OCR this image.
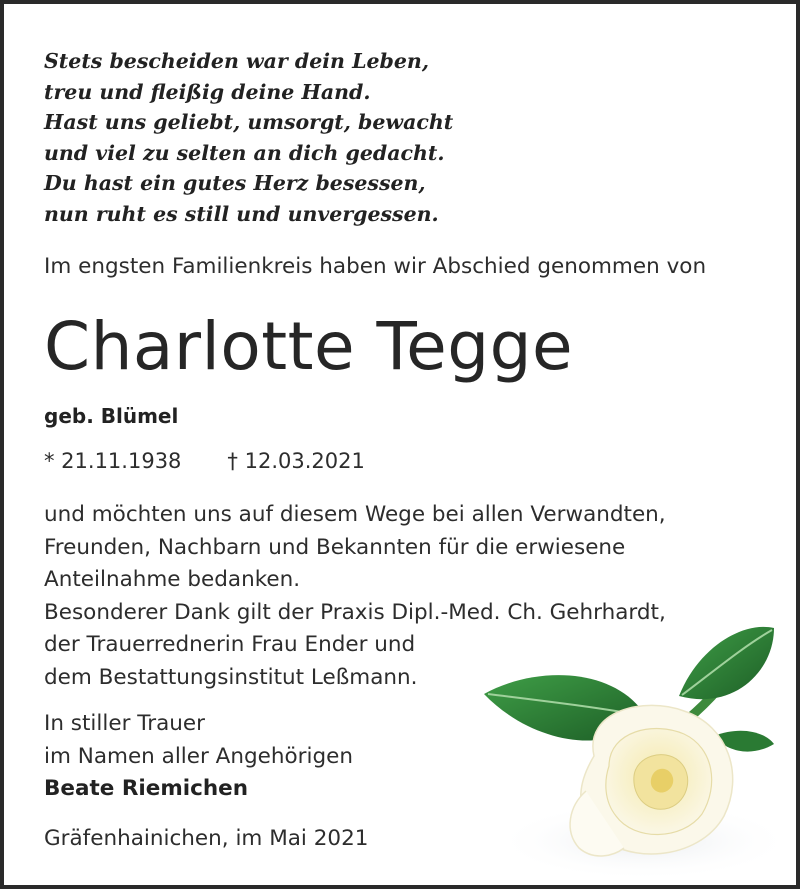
Stets bescheiden war dein Leben,
treu und fleißig deine Hand.
Hast uns geliebt, umsorgt, bewacht
und viel zu selten an dich gedacht.
Du hast ein gutes Herz besessen,
nun ruht es still und unvergessen.
Im engsten Familienkreis haben wir Abschied genommen von
Charlotte Tegge
geb. Blümel
* 21.11.1938 † 12.03.2021
und möchten uns auf diesem Wege bei allen Verwandten,
Freunden, Nachbarn und Bekannten für die erwiesene
Anteilnahme bedanken.
Besonderer Dank gilt der Praxis Dipl.-Med. Ch. Gehrhardt,
der Trauerrednerin Frau Ender und
dem Bestattungsinstitut Leßmann.
In stiller Trauer
im Namen aller Angehörigen
Beate Riemichen
Gräfenhainichen, im Mai 2021
